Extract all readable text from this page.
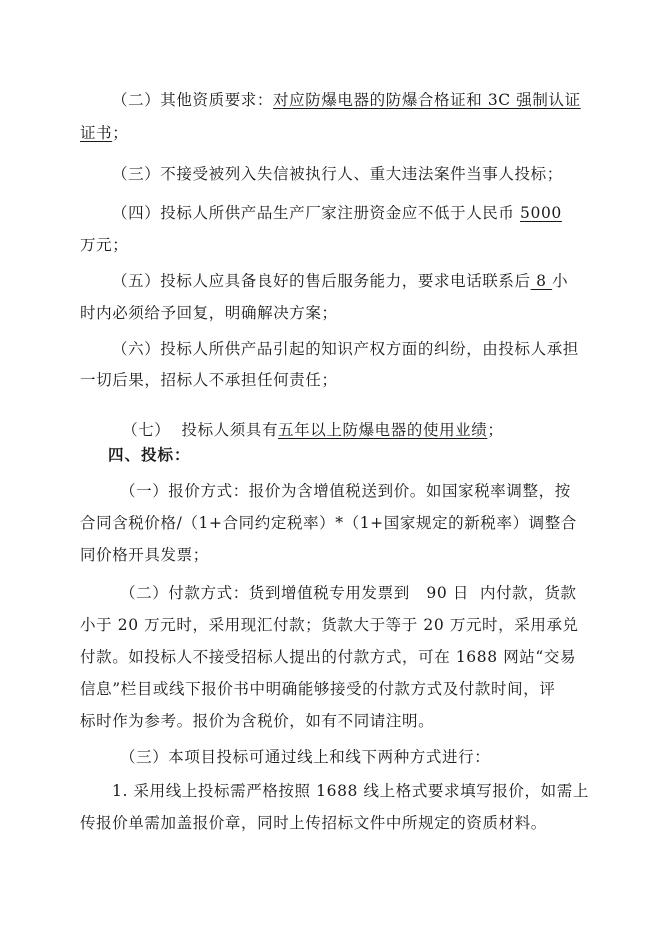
（二）其他资质要求：对应防爆电器的防爆合格证和 3C 强制认证
证书；
（三）不接受被列入失信被执行人、重大违法案件当事人投标；
（四）投标人所供产品生产厂家注册资金应不低于人民币 5000
万元；
（五）投标人应具备良好的售后服务能力，要求电话联系后 8 小
时内必须给予回复，明确解决方案；
（六）投标人所供产品引起的知识产权方面的纠纷，由投标人承担
一切后果，招标人不承担任何责任；

（七）  投标人须具有五年以上防爆电器的使用业绩；

四、投标：
（一）报价方式：报价为含增值税送到价。如国家税率调整，按
合同含税价格/（1+合同约定税率）*（1+国家规定的新税率）调整合
同价格开具发票；
（二）付款方式：货到增值税专用发票到   90 日  内付款，货款
小于 20 万元时，采用现汇付款；货款大于等于 20 万元时，采用承兑
付款。如投标人不接受招标人提出的付款方式，可在 1688 网站“交易
信息”栏目或线下报价书中明确能够接受的付款方式及付款时间，评
标时作为参考。报价为含税价，如有不同请注明。
（三）本项目投标可通过线上和线下两种方式进行：
1. 采用线上投标需严格按照 1688 线上格式要求填写报价，如需上
传报价单需加盖报价章，同时上传招标文件中所规定的资质材料。
